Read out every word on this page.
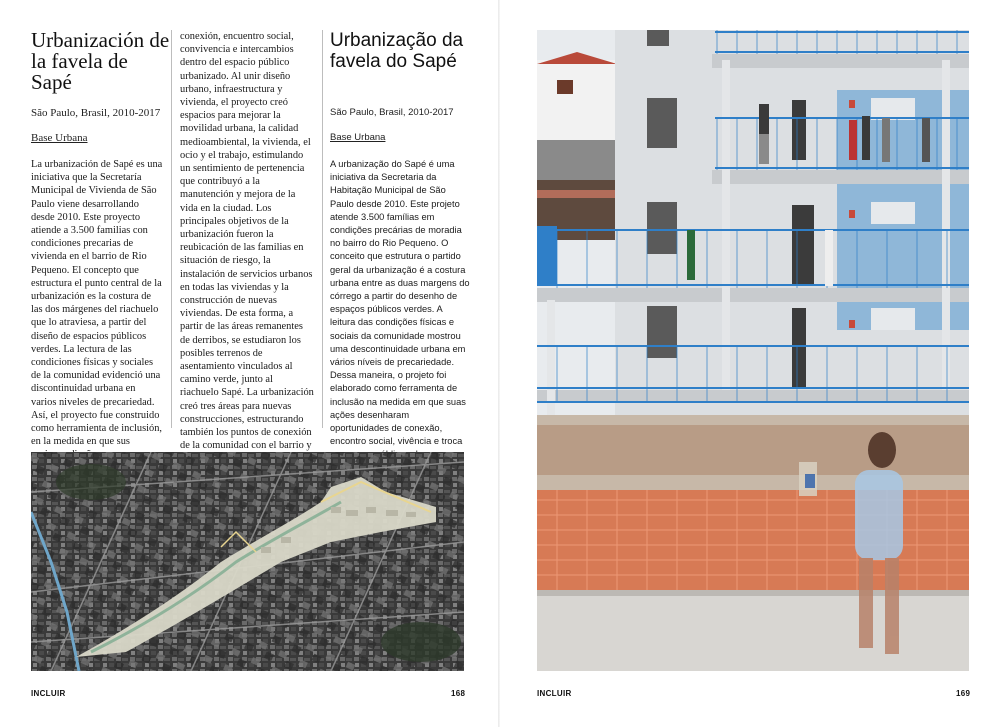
Urbanización de la favela de Sapé
São Paulo, Brasil, 2010-2017
Base Urbana
La urbanización de Sapé es una iniciativa que la Secretaría Municipal de Vivienda de São Paulo viene desarrollando desde 2010. Este proyecto atiende a 3.500 familias con condiciones precarias de vivienda en el barrio de Rio Pequeno. El concepto que estructura el punto central de la urbanización es la costura de las dos márgenes del riachuelo que lo atraviesa, a partir del diseño de espacios públicos verdes. La lectura de las condiciones físicas y sociales de la comunidad evidenció una discontinuidad urbana en varios niveles de precariedad. Así, el proyecto fue construido como herramienta de inclusión, en la medida en que sus
conexión, encuentro social, convivencia e intercambios dentro del espacio público urbanizado. Al unir diseño urbano, infraestructura y vivienda, el proyecto creó espacios para mejorar la movilidad urbana, la calidad medioambiental, la vivienda, el ocio y el trabajo, estimulando un sentimiento de pertenencia que contribuyó a la manutención y mejora de la vida en la ciudad. Los principales objetivos de la urbanización fueron la reubicación de las familias en situación de riesgo, la instalación de servicios urbanos en todas las viviendas y la construcción de nuevas viviendas. De esta forma, a partir de las áreas remanentes de derribos, se estudiaron los posibles terrenos de asentamiento vinculados al camino verde, junto al riachuelo Sapé. La urbanización creó tres áreas para nuevas construcciones, estructurando también los puntos de conexión de la comunidad con el barrio y
Urbanização da favela do Sapé
São Paulo, Brasil, 2010-2017
Base Urbana
A urbanização do Sapé é uma iniciativa da Secretaria da Habitação Municipal de São Paulo desde 2010. Este projeto atende 3.500 famílias em condições precárias de moradia no bairro do Rio Pequeno. O conceito que estrutura o partido geral da urbanização é a costura urbana entre as duas margens do córrego a partir do desenho de espaços públicos verdes. A leitura das condições físicas e sociais da comunidade mostrou uma descontinuidade urbana em vários níveis de precariedade. Dessa maneira, o projeto foi elaborado como ferramenta de inclusão na medida em que suas ações desenharam oportunidades de conexão, encontro social, vivência e troca
INCLUIR	168	INCLUIR	169
